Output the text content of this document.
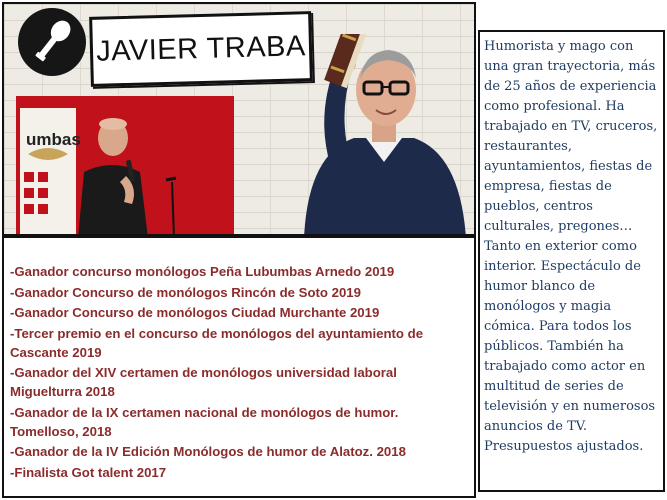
JAVIER TRABA
umbas
-Ganador concurso monólogos Peña Lubumbas Arnedo 2019
-Ganador Concurso de monólogos Rincón de Soto 2019
-Ganador Concurso de monólogos Ciudad Murchante 2019
-Tercer premio en el concurso de monólogos del ayuntamiento de Cascante 2019
-Ganador del XIV certamen de monólogos universidad laboral Miguelturra 2018
-Ganador de la IX certamen nacional de monólogos de humor. Tomelloso, 2018
-Ganador de la IV Edición Monólogos de humor de Alatoz. 2018
-Finalista Got talent 2017

Humorista y mago con una gran trayectoria, más de 25 años de experiencia como profesional. Ha trabajado en TV, cruceros, restaurantes, ayuntamientos, fiestas de empresa, fiestas de pueblos, centros culturales, pregones… Tanto en exterior como interior. Espectáculo de humor blanco de monólogos y magia cómica. Para todos los públicos. También ha trabajado como actor en multitud de series de televisión y en numerosos anuncios de TV.
Presupuestos ajustados.
